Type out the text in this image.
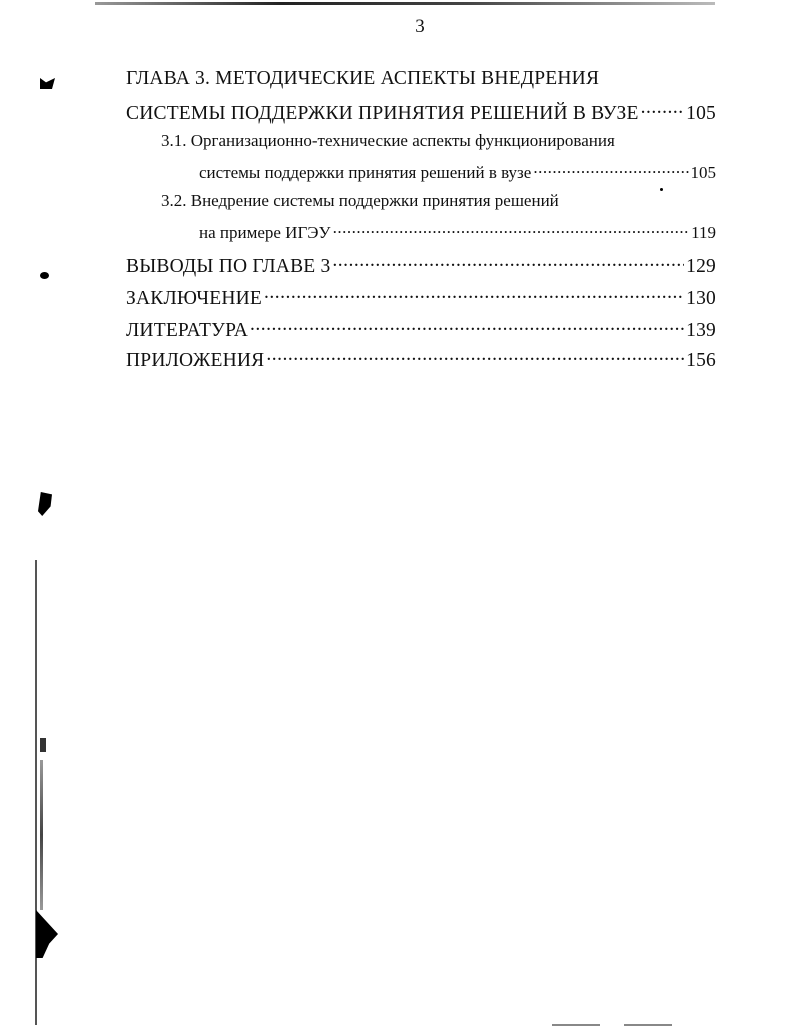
3
ГЛАВА 3. МЕТОДИЧЕСКИЕ АСПЕКТЫ ВНЕДРЕНИЯ
СИСТЕМЫ ПОДДЕРЖКИ ПРИНЯТИЯ РЕШЕНИЙ В ВУЗЕ ..... 105
3.1. Организационно-технические аспекты функционирования
системы поддержки принятия решений в вузе .....	105
3.2. Внедрение системы поддержки принятия решений
на примере ИГЭУ .....	119
ВЫВОДЫ ПО ГЛАВЕ 3 .....	129
ЗАКЛЮЧЕНИЕ .....	130
ЛИТЕРАТУРА .....	139
ПРИЛОЖЕНИЯ .....	156
